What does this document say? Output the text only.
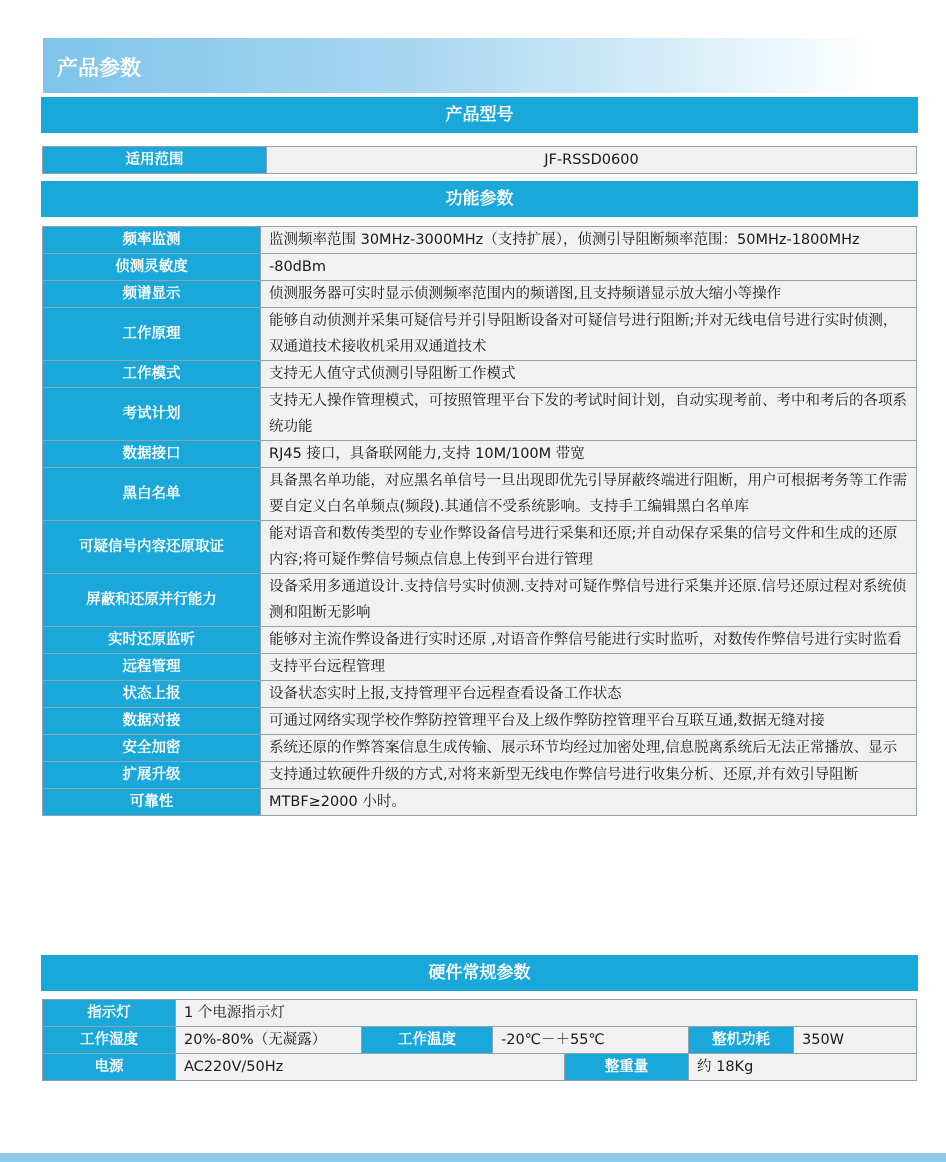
产品参数
产品型号
适用范围	JF-RSSD0600
功能参数
频率监测	监测频率范围 30MHz-3000MHz（支持扩展），侦测引导阻断频率范围：50MHz-1800MHz
侦测灵敏度	-80dBm
频谱显示	侦测服务器可实时显示侦测频率范围内的频谱图,且支持频谱显示放大缩小等操作
工作原理	能够自动侦测并采集可疑信号并引导阻断设备对可疑信号进行阻断;并对无线电信号进行实时侦测，双通道技术接收机采用双通道技术
工作模式	支持无人值守式侦测引导阻断工作模式
考试计划	支持无人操作管理模式，可按照管理平台下发的考试时间计划，自动实现考前、考中和考后的各项系统功能
数据接口	RJ45 接口，具备联网能力,支持 10M/100M 带宽
黑白名单	具备黑名单功能，对应黑名单信号一旦出现即优先引导屏蔽终端进行阻断，用户可根据考务等工作需要自定义白名单频点(频段).其通信不受系统影响。支持手工编辑黑白名单库
可疑信号内容还原取证	能对语音和数传类型的专业作弊设备信号进行采集和还原;并自动保存采集的信号文件和生成的还原内容;将可疑作弊信号频点信息上传到平台进行管理
屏蔽和还原并行能力	设备采用多通道设计.支持信号实时侦测.支持对可疑作弊信号进行采集并还原.信号还原过程对系统侦测和阻断无影响
实时还原监听	能够对主流作弊设备进行实时还原 ,对语音作弊信号能进行实时监听，对数传作弊信号进行实时监看
远程管理	支持平台远程管理
状态上报	设备状态实时上报,支持管理平台远程查看设备工作状态
数据对接	可通过网络实现学校作弊防控管理平台及上级作弊防控管理平台互联互通,数据无缝对接
安全加密	系统还原的作弊答案信息生成传输、展示环节均经过加密处理,信息脱离系统后无法正常播放、显示
扩展升级	支持通过软硬件升级的方式,对将来新型无线电作弊信号进行收集分析、还原,并有效引导阻断
可靠性	MTBF≥2000 小时。
硬件常规参数
指示灯	1 个电源指示灯					
工作湿度	20%-80%（无凝露）	工作温度	-20℃－＋55℃		整机功耗	350W
电源	AC220V/50Hz			整重量	约 18Kg	
